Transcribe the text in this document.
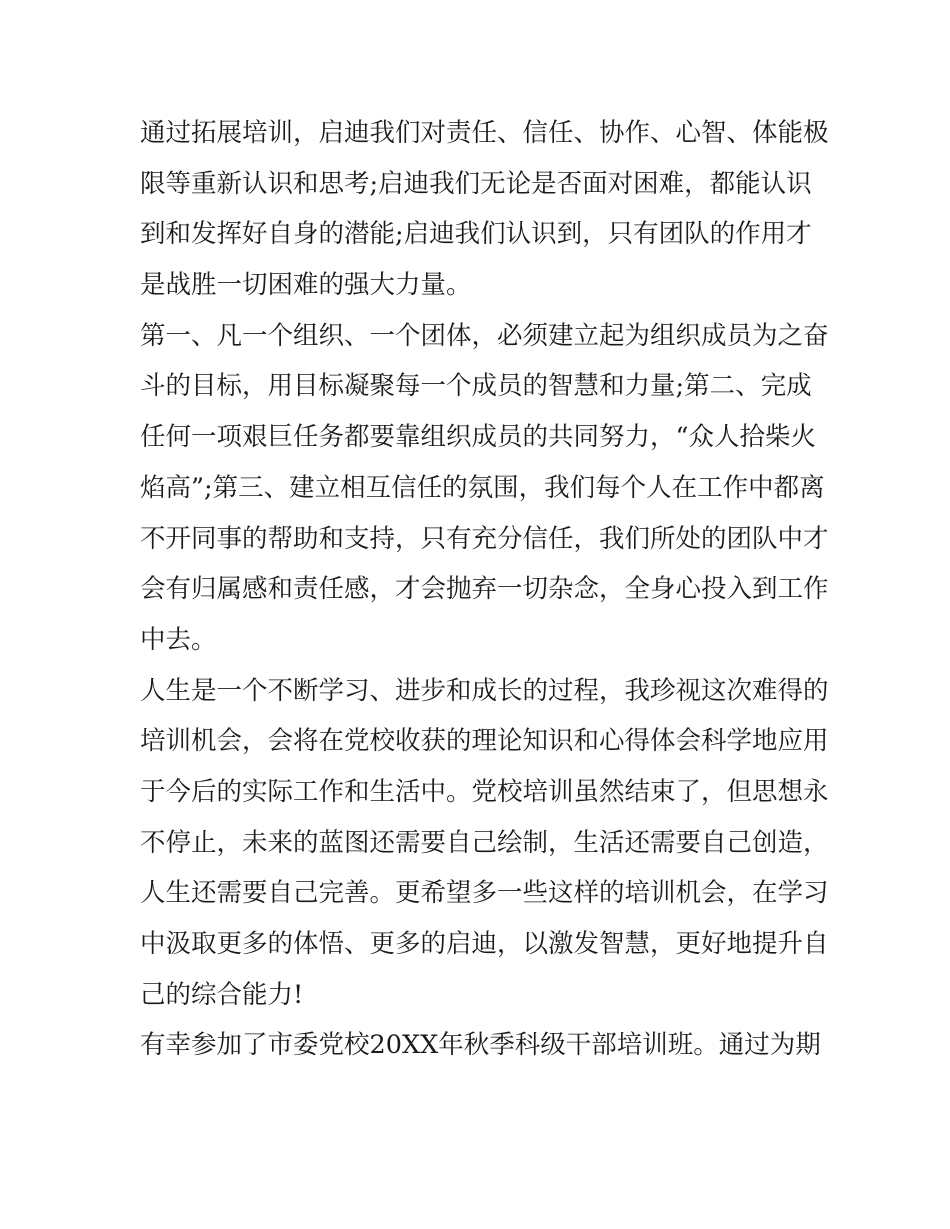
通过拓展培训，启迪我们对责任、信任、协作、心智、体能极
限等重新认识和思考;启迪我们无论是否面对困难，都能认识
到和发挥好自身的潜能;启迪我们认识到，只有团队的作用才
是战胜一切困难的强大力量。
第一、凡一个组织、一个团体，必须建立起为组织成员为之奋
斗的目标，用目标凝聚每一个成员的智慧和力量;第二、完成
任何一项艰巨任务都要靠组织成员的共同努力，“众人拾柴火
焰高”;第三、建立相互信任的氛围，我们每个人在工作中都离
不开同事的帮助和支持，只有充分信任，我们所处的团队中才
会有归属感和责任感，才会抛弃一切杂念，全身心投入到工作
中去。
人生是一个不断学习、进步和成长的过程，我珍视这次难得的
培训机会，会将在党校收获的理论知识和心得体会科学地应用
于今后的实际工作和生活中。党校培训虽然结束了，但思想永
不停止，未来的蓝图还需要自己绘制，生活还需要自己创造，
人生还需要自己完善。更希望多一些这样的培训机会，在学习
中汲取更多的体悟、更多的启迪，以激发智慧，更好地提升自
己的综合能力!
有幸参加了市委党校20XX年秋季科级干部培训班。通过为期
